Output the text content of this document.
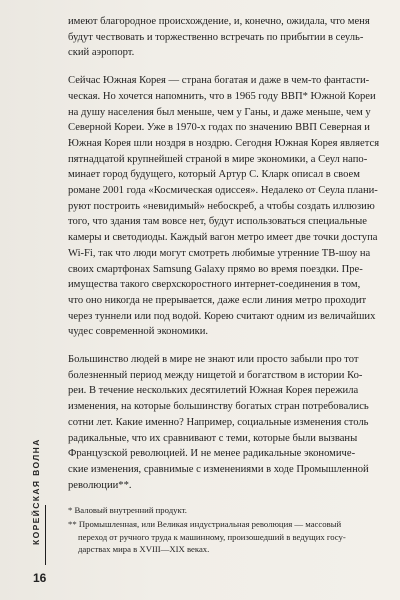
имеют благородное происхождение, и, конечно, ожидала, что меня
будут чествовать и торжественно встречать по прибытии в сеуль-
ский аэропорт.

Сейчас Южная Корея — страна богатая и даже в чем-то фантасти-
ческая. Но хочется напомнить, что в 1965 году ВВП* Южной Кореи
на душу населения был меньше, чем у Ганы, и даже меньше, чем у
Северной Кореи. Уже в 1970-х годах по значению ВВП Северная и
Южная Корея шли ноздря в ноздрю. Сегодня Южная Корея является
пятнадцатой крупнейшей страной в мире экономики, а Сеул напо-
минает город будущего, который Артур С. Кларк описал в своем
романе 2001 года «Космическая одиссея». Недалеко от Сеула плани-
руют построить «невидимый» небоскреб, а чтобы создать иллюзию
того, что здания там вовсе нет, будут использоваться специальные
камеры и светодиоды. Каждый вагон метро имеет две точки доступа
Wi-Fi, так что люди могут смотреть любимые утренние ТВ-шоу на
своих смартфонах Samsung Galaxy прямо во время поездки. Пре-
имущества такого сверхскоростного интернет-соединения в том,
что оно никогда не прерывается, даже если линия метро проходит
через туннели или под водой. Корею считают одним из величайших
чудес современной экономики.

Большинство людей в мире не знают или просто забыли про тот
болезненный период между нищетой и богатством в истории Ко-
реи. В течение нескольких десятилетий Южная Корея пережила
изменения, на которые большинству богатых стран потребовались
сотни лет. Какие именно? Например, социальные изменения столь
радикальные, что их сравнивают с теми, которые были вызваны
Французской революцией. И не менее радикальные экономиче-
ские изменения, сравнимые с изменениями в ходе Промышленной
революции**.

* Валовый внутренний продукт.

** Промышленная, или Великая индустриальная революция — массовый
переход от ручного труда к машинному, произошедший в ведущих госу-
дарствах мира в XVIII—XIX веках.

КОРЕЙСКАЯ ВОЛНА
16
